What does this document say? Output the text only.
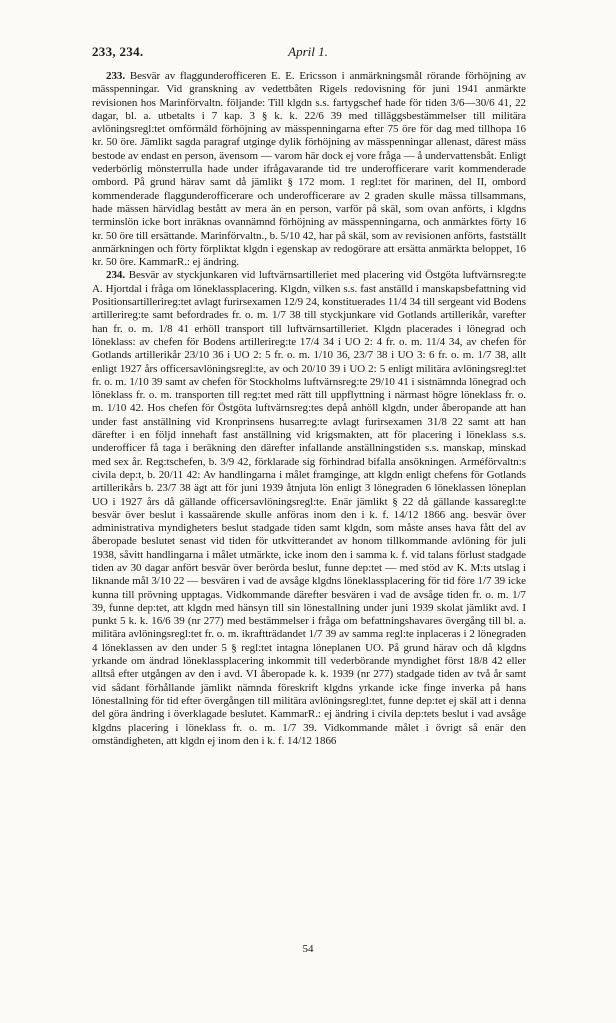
233, 234.	April 1.

233. Besvär av flaggunderofficeren E. E. Ericsson i anmärkningsmål rörande förhöjning av mässpenningar. Vid granskning av vedettbåten Rigels redovisning för juni 1941 anmärkte revisionen hos Marinförvaltn. följande: Till klgdn s.s. fartygschef hade för tiden 3/6—30/6 41, 22 dagar, bl. a. utbetalts i 7 kap. 3 § k. k. 22/6 39 med tilläggsbestämmelser till militära avlöningsregl:tet omförmäld förhöjning av mässpenningarna efter 75 öre för dag med tillhopa 16 kr. 50 öre. Jämlikt sagda paragraf utginge dylik förhöjning av mässpenningar allenast, därest mäss bestode av endast en person, ävensom — varom här dock ej vore fråga — å undervattensbåt. Enligt vederbörlig mönsterrulla hade under ifrågavarande tid tre underofficerare varit kommenderade ombord. På grund härav samt då jämlikt § 172 mom. 1 regl:tet för marinen, del II, ombord kommenderade flaggunderofficerare och underofficerare av 2 graden skulle mässa tillsammans, hade mässen härvidlag bestått av mera än en person, varför på skäl, som ovan anförts, i klgdns terminslön icke bort inräknas ovannämnd förhöjning av mässpenningarna, och anmärktes förty 16 kr. 50 öre till ersättande. Marinförvaltn., b. 5/10 42, har på skäl, som av revisionen anförts, fastställt anmärkningen och förty förpliktat klgdn i egenskap av redogörare att ersätta anmärkta beloppet, 16 kr. 50 öre. KammarR.: ej ändring.

234. Besvär av styckjunkaren vid luftvärnsartilleriet med placering vid Östgöta luftvärnsreg:te A. Hjortdal i fråga om löneklassplacering. Klgdn, vilken s.s. fast anställd i manskapsbefattning vid Positionsartillerireg:tet avlagt furirsexamen 12/9 24, konstituerades 11/4 34 till sergeant vid Bodens artillerireg:te samt befordrades fr. o. m. 1/7 38 till styckjunkare vid Gotlands artillerikår, varefter han fr. o. m. 1/8 41 erhöll transport till luftvärnsartilleriet. Klgdn placerades i lönegrad och löneklass: av chefen för Bodens artillerireg:te 17/4 34 i UO 2: 4 fr. o. m. 11/4 34, av chefen för Gotlands artillerikår 23/10 36 i UO 2: 5 fr. o. m. 1/10 36, 23/7 38 i UO 3: 6 fr. o. m. 1/7 38, allt enligt 1927 års officersavlöningsregl:te, av och 20/10 39 i UO 2: 5 enligt militära avlöningsregl:tet fr. o. m. 1/10 39 samt av chefen för Stockholms luftvärnsreg:te 29/10 41 i sistnämnda lönegrad och löneklass fr. o. m. transporten till reg:tet med rätt till uppflyttning i närmast högre löneklass fr. o. m. 1/10 42. Hos chefen för Östgöta luftvärnsreg:tes depå anhöll klgdn, under åberopande att han under fast anställning vid Kronprinsens husarreg:te avlagt furirsexamen 31/8 22 samt att han därefter i en följd innehaft fast anställning vid krigsmakten, att för placering i löneklass s.s. underofficer få taga i beräkning den därefter infallande anställningstiden s.s. manskap, minskad med sex år. Reg:tschefen, b. 3/9 42, förklarade sig förhindrad bifalla ansökningen. Arméförvaltn:s civila dep:t, b. 20/11 42: Av handlingarna i målet framginge, att klgdn enligt chefens för Gotlands artillerikårs b. 23/7 38 ägt att för juni 1939 åtnjuta lön enligt 3 lönegraden 6 löneklassen löneplan UO i 1927 års då gällande officersavlöningsregl:te. Enär jämlikt § 22 då gällande kassaregl:te besvär över beslut i kassaärende skulle anföras inom den i k. f. 14/12 1866 ang. besvär över administrativa myndigheters beslut stadgade tiden samt klgdn, som måste anses hava fått del av åberopade beslutet senast vid tiden för utkvitterandet av honom tillkommande avlöning för juli 1938, såvitt handlingarna i målet utmärkte, icke inom den i samma k. f. vid talans förlust stadgade tiden av 30 dagar anfört besvär över berörda beslut, funne dep:tet — med stöd av K. M:ts utslag i liknande mål 3/10 22 — besvären i vad de avsåge klgdns löneklassplacering för tid före 1/7 39 icke kunna till prövning upptagas. Vidkommande därefter besvären i vad de avsåge tiden fr. o. m. 1/7 39, funne dep:tet, att klgdn med hänsyn till sin lönestallning under juni 1939 skolat jämlikt avd. I punkt 5 k. k. 16/6 39 (nr 277) med bestämmelser i fråga om befattningshavares övergång till bl. a. militära avlöningsregl:tet fr. o. m. ikraftträdandet 1/7 39 av samma regl:te inplaceras i 2 lönegraden 4 löneklassen av den under 5 § regl:tet intagna löneplanen UO. På grund härav och då klgdns yrkande om ändrad löneklassplacering inkommit till vederbörande myndighet först 18/8 42 eller alltså efter utgången av den i avd. VI åberopade k. k. 1939 (nr 277) stadgade tiden av två år samt vid sådant förhållande jämlikt nämnda föreskrift klgdns yrkande icke finge inverka på hans lönestallning för tid efter övergången till militära avlöningsregl:tet, funne dep:tet ej skäl att i denna del göra ändring i överklagade beslutet. KammarR.: ej ändring i civila dep:tets beslut i vad avsåge klgdns placering i löneklass fr. o. m. 1/7 39. Vidkommande målet i övrigt så enär den omständigheten, att klgdn ej inom den i k. f. 14/12 1866

54
